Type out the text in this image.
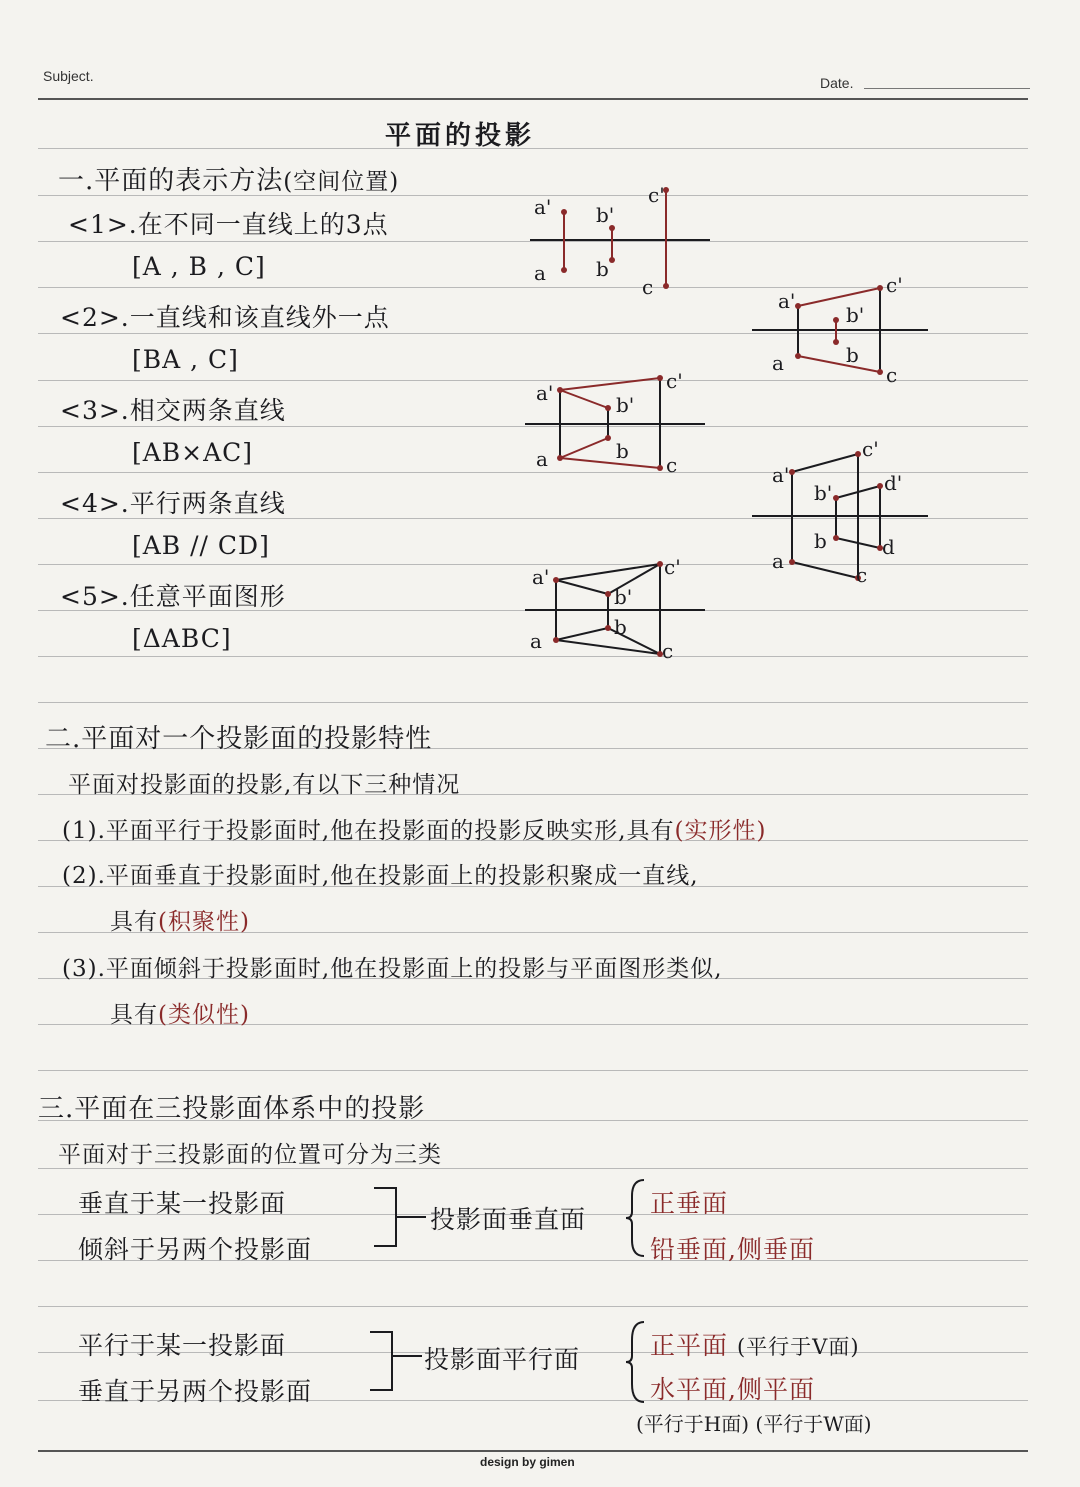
Subject.	Date.
平面的投影
一.平面的表示方法(空间位置)
<1>.在不同一直线上的3点
[A , B , C]
<2>.一直线和该直线外一点
[BA , C]
<3>.相交两条直线
[AB×AC]
<4>.平行两条直线
[AB // CD]
<5>.任意平面图形
[ΔABC]
a'
a
b'
b
c'
c
a'
a
b'
b
c'
c
a'
a
b'
b
c'
c	a'
a
b'
b
c'
c
d'
d
a'
a
b'
b
c'
c
二.平面对一个投影面的投影特性
平面对投影面的投影,有以下三种情况
(1).平面平行于投影面时,他在投影面的投影反映实形,具有(实形性)
(2).平面垂直于投影面时,他在投影面上的投影积聚成一直线,
具有(积聚性)
(3).平面倾斜于投影面时,他在投影面上的投影与平面图形类似,
具有(类似性)
三.平面在三投影面体系中的投影
平面对于三投影面的位置可分为三类
垂直于某一投影面
倾斜于另两个投影面
投影面垂直面
正垂面
铅垂面,侧垂面
平行于某一投影面
垂直于另两个投影面
投影面平行面	正平面 (平行于V面)
水平面,侧平面
(平行于H面) (平行于W面)
design by gimen
